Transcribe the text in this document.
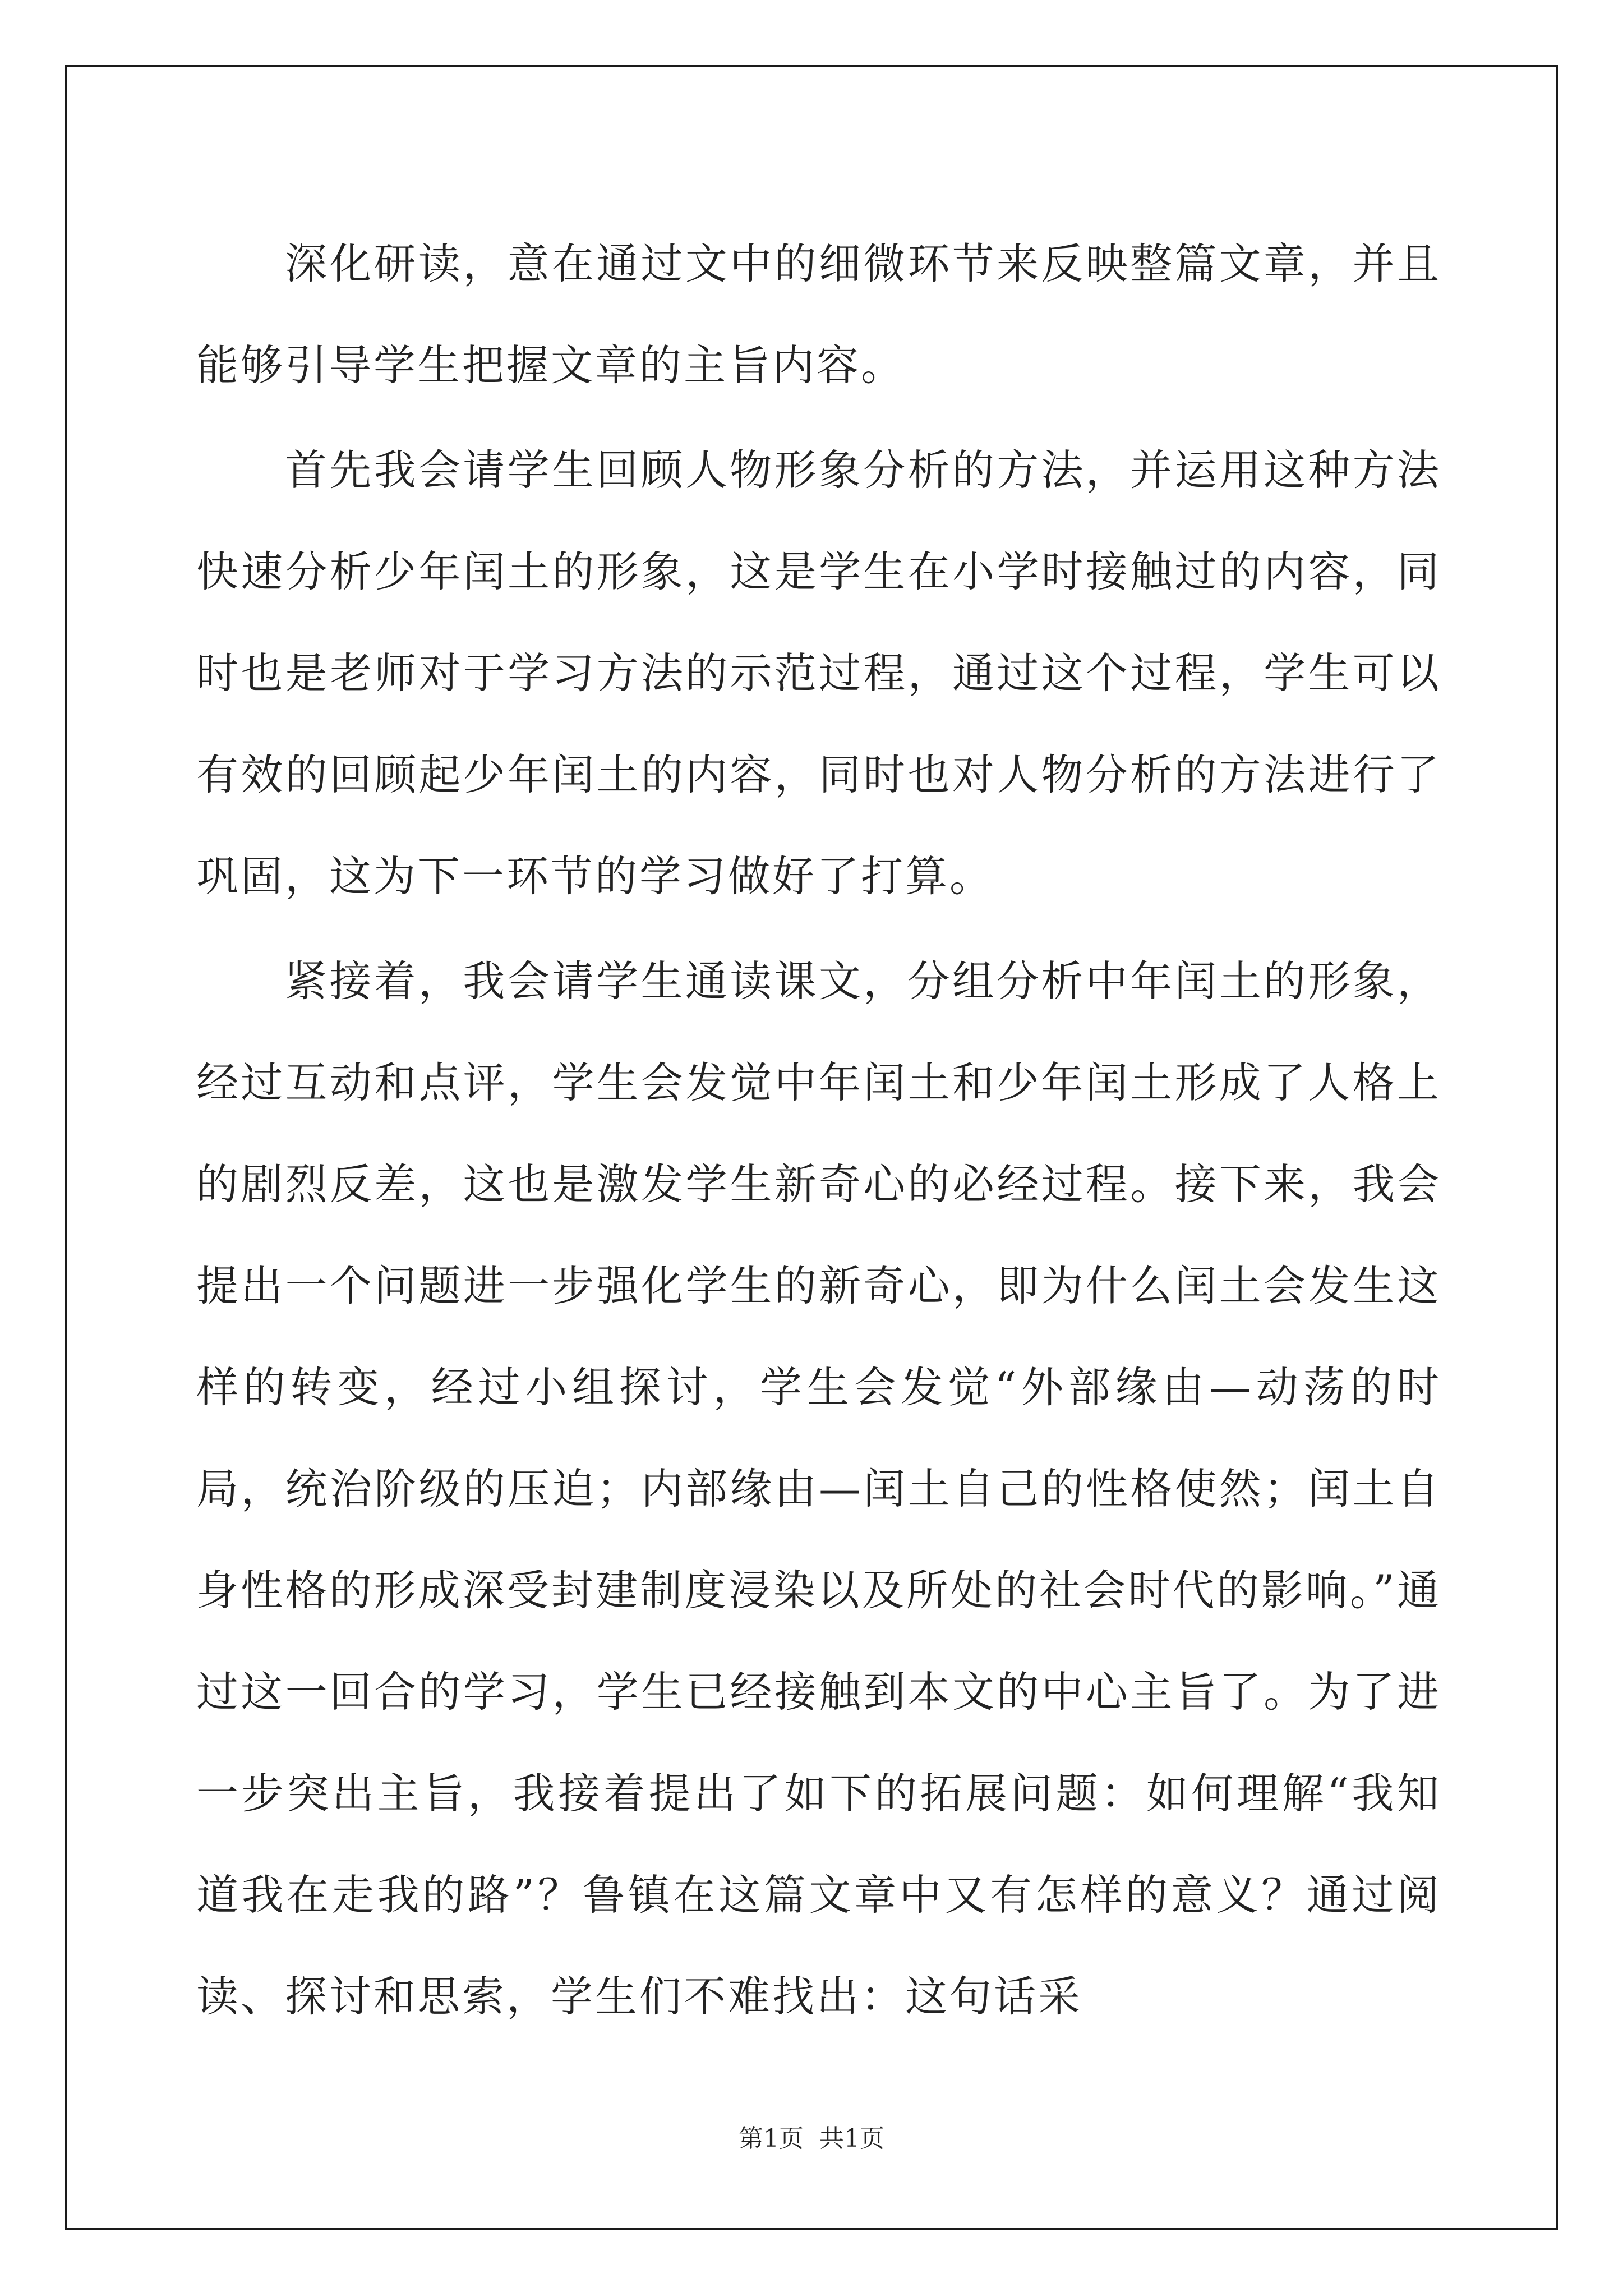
深化研读，意在通过文中的细微环节来反映整篇文章，并且能够引导学生把握文章的主旨内容。

首先我会请学生回顾人物形象分析的方法，并运用这种方法快速分析少年闰土的形象，这是学生在小学时接触过的内容，同时也是老师对于学习方法的示范过程，通过这个过程，学生可以有效的回顾起少年闰土的内容，同时也对人物分析的方法进行了巩固，这为下一环节的学习做好了打算。

紧接着，我会请学生通读课文，分组分析中年闰土的形象，经过互动和点评，学生会发觉中年闰土和少年闰土形成了人格上的剧烈反差，这也是激发学生新奇心的必经过程。接下来，我会提出一个问题进一步强化学生的新奇心，即为什么闰土会发生这样的转变，经过小组探讨，学生会发觉“外部缘由—动荡的时局，统治阶级的压迫；内部缘由—闰土自己的性格使然；闰土自身性格的形成深受封建制度浸染以及所处的社会时代的影响。”通过这一回合的学习，学生已经接触到本文的中心主旨了。为了进一步突出主旨，我接着提出了如下的拓展问题：如何理解“我知道我在走我的路”？鲁镇在这篇文章中又有怎样的意义？通过阅读、探讨和思索，学生们不难找出：这句话采

第1页 共1页
